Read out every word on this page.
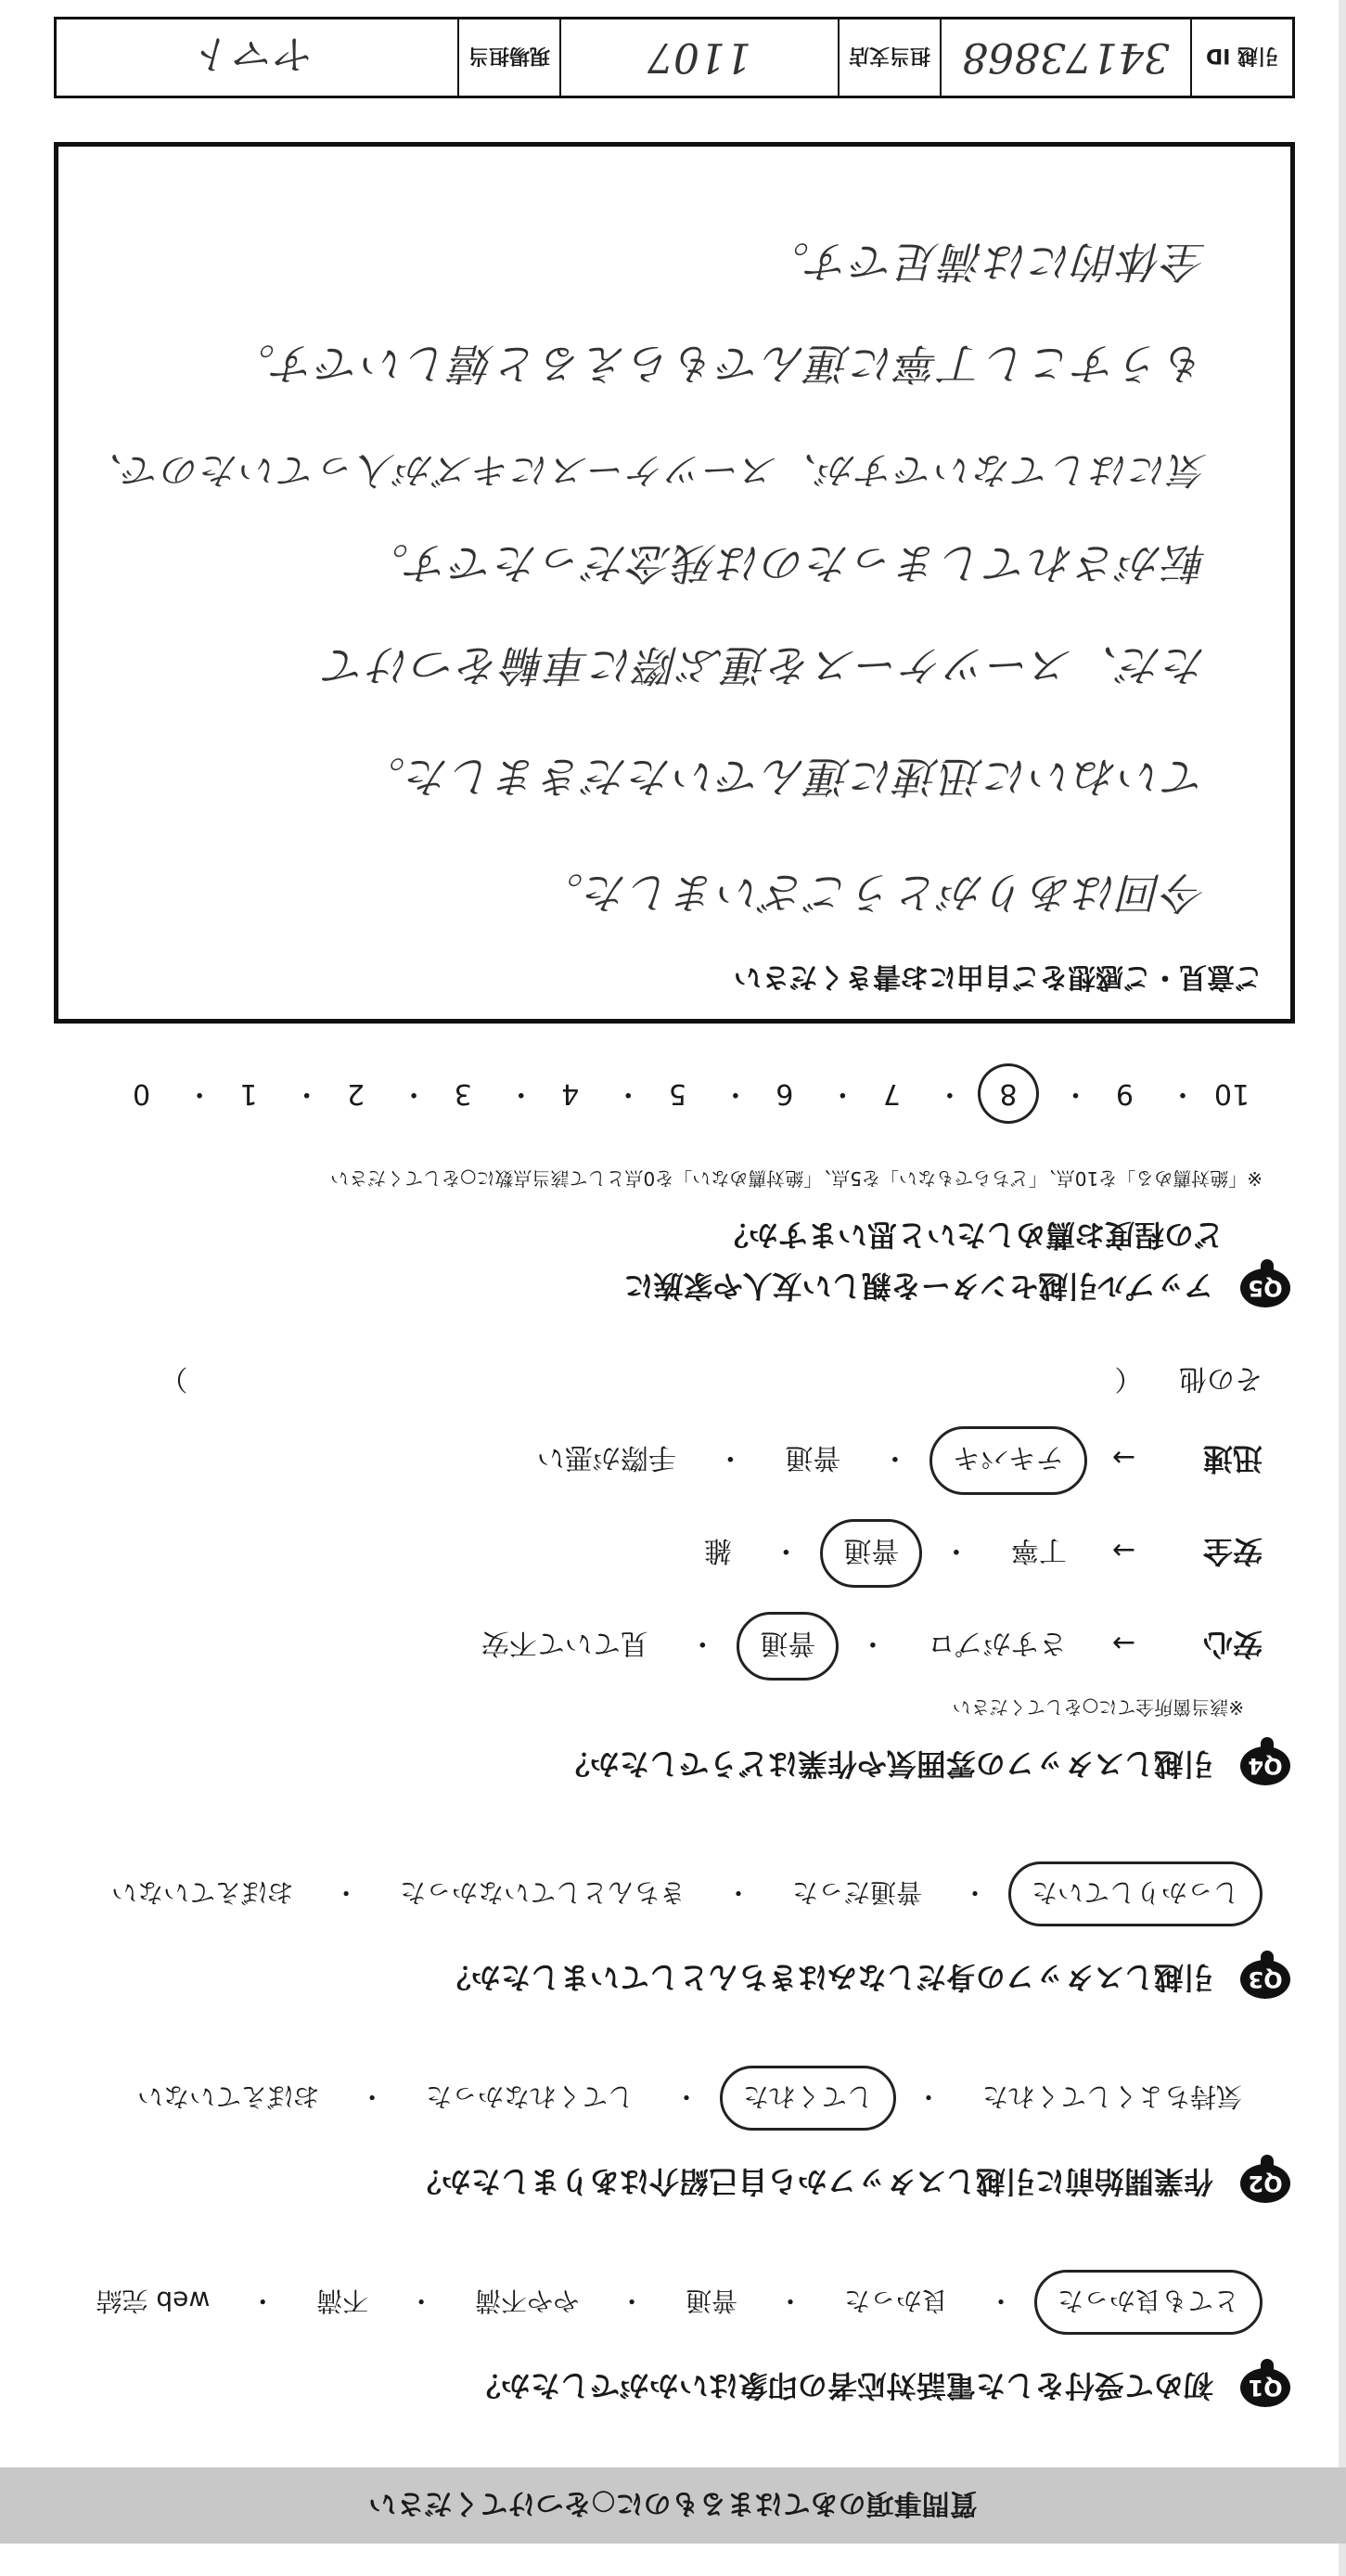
質問事項のあてはまるものに○をつけてください
Q1 初めて受付をした電話対応者の印象はいかがでしたか？
とても良かった・ 良かった・ 普通・ やや不満・ 不満・ web 完結
Q2 作業開始前に引越しスタッフから自己紹介はありましたか？
気持ちよくしてくれた・ してくれた・ してくれなかった・ おぼえていない
Q3 引越しスタッフの身だしなみはきちんとしていましたか？
しっかりしていた・ 普通だった・ きちんとしていなかった・ おぼえていない
Q4 引越しスタッフの雰囲気や作業はどうでしたか？
※該当箇所全てに○をしてください
安心 → さすがプロ・ 普通・ 見ていて不安
安全 → 丁寧・ 普通・ 雑
迅速 → テキパキ・ 普通・ 手際が悪い
その他 （  ）
Q5 アップル引越センターを親しい友人や家族に
どの程度お薦めしたいと思いますか？
※「絶対薦める」を10点、「どちらでもない」を5点、「絶対薦めない」を0点として該当点数に○をしてください
10・ 9・ 8・ 7・ 6・ 5・ 4・ 3・ 2・ 1・ 0
ご意見・ご感想をご自由にお書きください
今回はありがとうございました。
ていねいに迅速に運んでいただきました。
ただ、スーツケースを運ぶ際に車輪をつけて
転がされてしまったのは残念だったです。
気にはしてないですが、スーツケースにキズが入っていたので、
もうすこし丁寧に運んでもらえると嬉しいです。
全体的には満足です。
引越 ID
34173868
担当支店
1107
現場担当
ヤマト
